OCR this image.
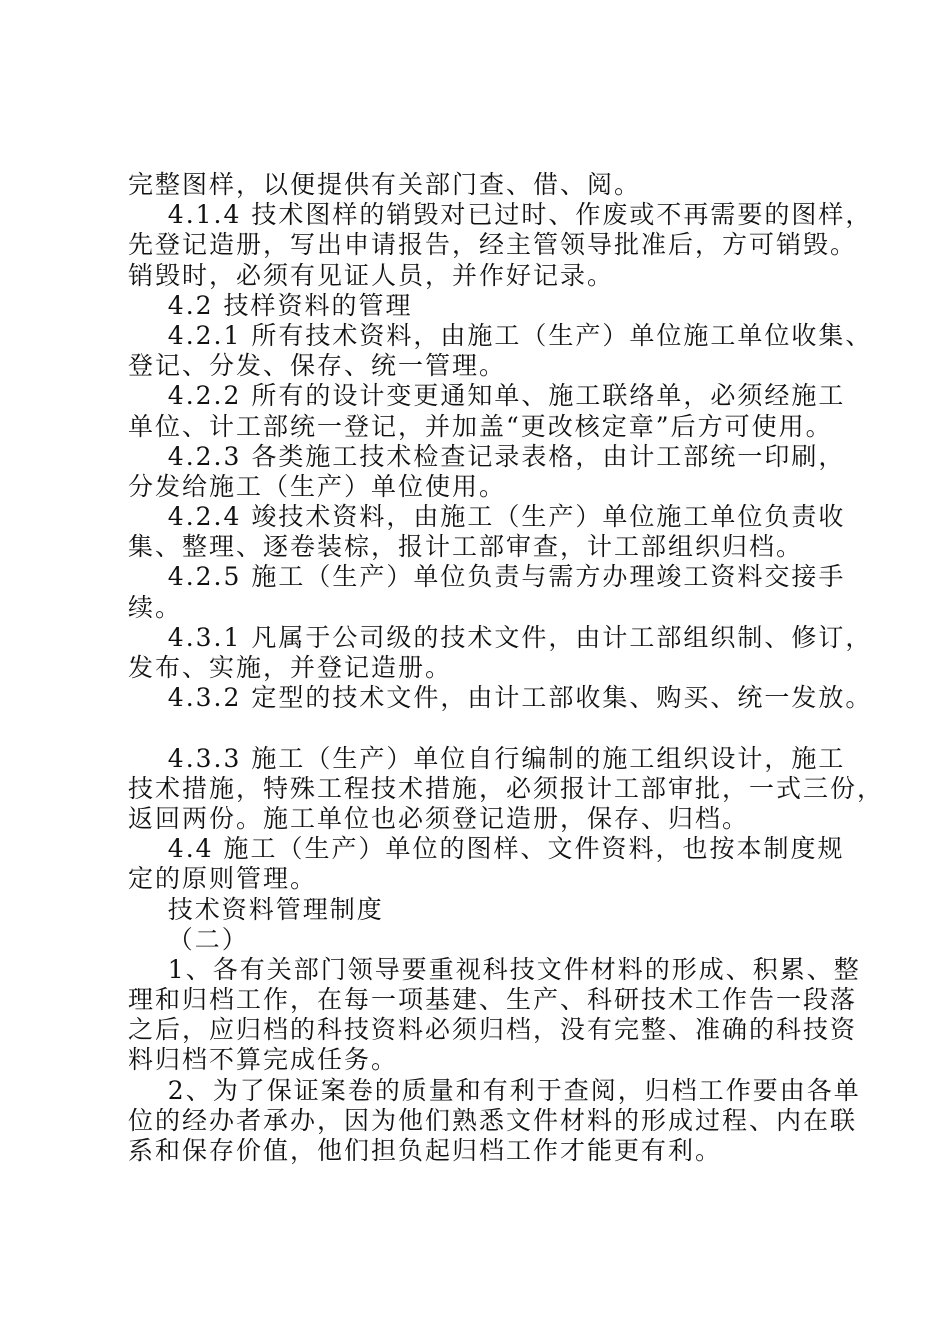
完整图样，以便提供有关部门查、借、阅。
4.1.4 技术图样的销毁对已过时、作废或不再需要的图样，
先登记造册，写出申请报告，经主管领导批准后，方可销毁。
销毁时，必须有见证人员，并作好记录。
4.2 技样资料的管理
4.2.1 所有技术资料，由施工（生产）单位施工单位收集、
登记、分发、保存、统一管理。
4.2.2 所有的设计变更通知单、施工联络单，必须经施工
单位、计工部统一登记，并加盖“更改核定章”后方可使用。
4.2.3 各类施工技术检查记录表格，由计工部统一印刷，
分发给施工（生产）单位使用。
4.2.4 竣技术资料，由施工（生产）单位施工单位负责收
集、整理、逐卷装棕，报计工部审查，计工部组织归档。
4.2.5 施工（生产）单位负责与需方办理竣工资料交接手
续。
4.3.1 凡属于公司级的技术文件，由计工部组织制、修订，
发布、实施，并登记造册。
4.3.2 定型的技术文件，由计工部收集、购买、统一发放。
4.3.3 施工（生产）单位自行编制的施工组织设计，施工
技术措施，特殊工程技术措施，必须报计工部审批，一式三份，
返回两份。施工单位也必须登记造册，保存、归档。
4.4 施工（生产）单位的图样、文件资料，也按本制度规
定的原则管理。
技术资料管理制度
（二）
1、各有关部门领导要重视科技文件材料的形成、积累、整
理和归档工作，在每一项基建、生产、科研技术工作告一段落
之后，应归档的科技资料必须归档，没有完整、准确的科技资
料归档不算完成任务。
2、为了保证案卷的质量和有利于查阅，归档工作要由各单
位的经办者承办，因为他们熟悉文件材料的形成过程、内在联
系和保存价值，他们担负起归档工作才能更有利。
